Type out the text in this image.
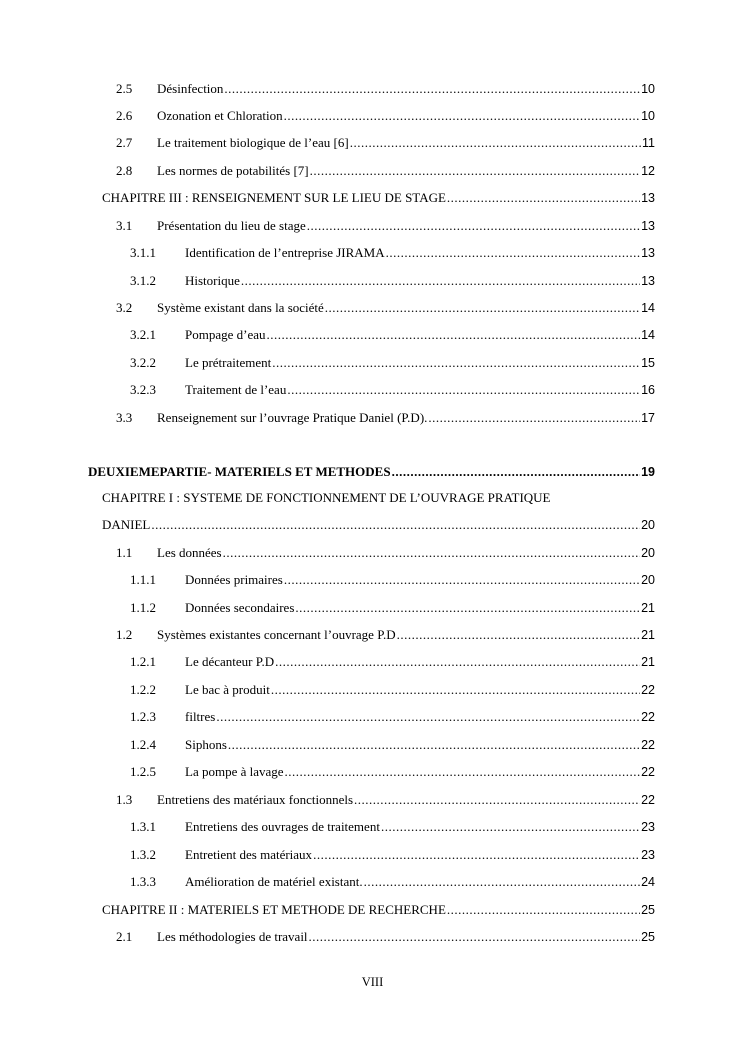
2.5	Désinfection .....	10
2.6	Ozonation et Chloration .....	10
2.7	Le traitement biologique de l’eau [6] .....	11
2.8	Les normes de potabilités [7] .....	12
CHAPITRE III : RENSEIGNEMENT SUR LE LIEU DE STAGE .....	13
3.1	Présentation du lieu de stage .....	13
3.1.1	Identification de l’entreprise JIRAMA .....	13
3.1.2	Historique .....	13
3.2	Système existant dans la société .....	14
3.2.1	Pompage d’eau .....	14
3.2.2	Le prétraitement .....	15
3.2.3	Traitement de l’eau .....	16
3.3	Renseignement sur l’ouvrage Pratique Daniel (P.D). .....	17
DEUXIEMEPARTIE- MATERIELS ET METHODES .....	19
CHAPITRE I : SYSTEME DE FONCTIONNEMENT DE L’OUVRAGE PRATIQUE
DANIEL .....	20
1.1	Les données .....	20
1.1.1	Données primaires .....	20
1.1.2	Données secondaires .....	21
1.2	Systèmes existantes concernant l’ouvrage P.D .....	21
1.2.1	Le décanteur P.D .....	21
1.2.2	Le bac à produit .....	22
1.2.3	filtres .....	22
1.2.4	Siphons .....	22
1.2.5	La pompe à lavage .....	22
1.3	Entretiens des matériaux fonctionnels .....	22
1.3.1	Entretiens des ouvrages de traitement .....	23
1.3.2	Entretient des matériaux .....	23
1.3.3	Amélioration de matériel existant. .....	24
CHAPITRE II : MATERIELS ET METHODE DE RECHERCHE .....	25
2.1	Les méthodologies de travail .....	25
VIII
